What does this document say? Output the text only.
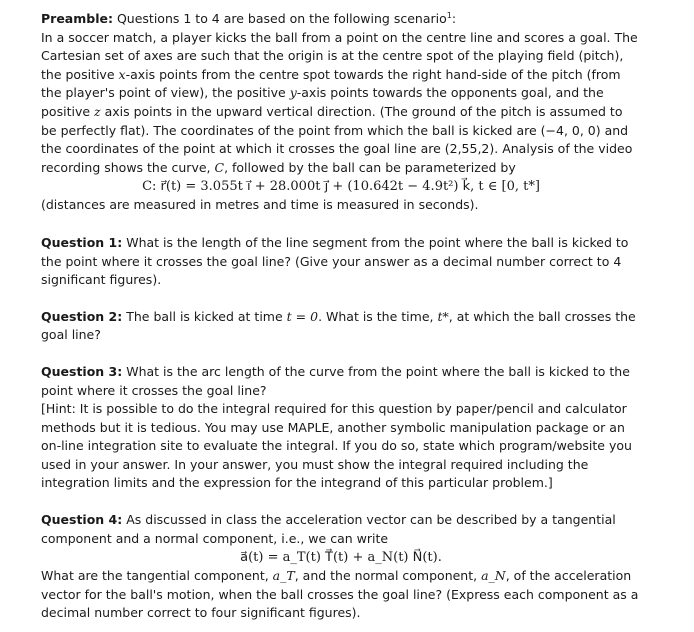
Preamble: Questions 1 to 4 are based on the following scenario$^1$:
In a soccer match, a player kicks the ball from a point on the centre line and scores a goal. The Cartesian set of axes are such that the origin is at the centre spot of the playing field (pitch), the positive x-axis points from the centre spot towards the right hand-side of the pitch (from the player's point of view), the positive y-axis points towards the opponents goal, and the positive z axis points in the upward vertical direction. (The ground of the pitch is assumed to be perfectly flat). The coordinates of the point from which the ball is kicked are (−4, 0, 0) and the coordinates of the point at which it crosses the goal line are (2,55,2). Analysis of the video recording shows the curve, C, followed by the ball can be parameterized by

C: r⃗(t) = 3.055t i⃗ + 28.000t j⃗ + (10.642t − 4.9t²) k⃗, t ∈ [0, t*]

(distances are measured in metres and time is measured in seconds).

Question 1: What is the length of the line segment from the point where the ball is kicked to the point where it crosses the goal line? (Give your answer as a decimal number correct to 4 significant figures).

Question 2: The ball is kicked at time t = 0. What is the time, t*, at which the ball crosses the goal line?

Question 3: What is the arc length of the curve from the point where the ball is kicked to the point where it crosses the goal line?
[Hint: It is possible to do the integral required for this question by paper/pencil and calculator methods but it is tedious. You may use MAPLE, another symbolic manipulation package or an on-line integration site to evaluate the integral. If you do so, state which program/website you used in your answer. In your answer, you must show the integral required including the integration limits and the expression for the integrand of this particular problem.]

Question 4: As discussed in class the acceleration vector can be described by a tangential component and a normal component, i.e., we can write

a⃗(t) = a_T(t) T⃗(t) + a_N(t) N⃗(t).

What are the tangential component, a_T, and the normal component, a_N, of the acceleration vector for the ball's motion, when the ball crosses the goal line? (Express each component as a decimal number correct to four significant figures).
